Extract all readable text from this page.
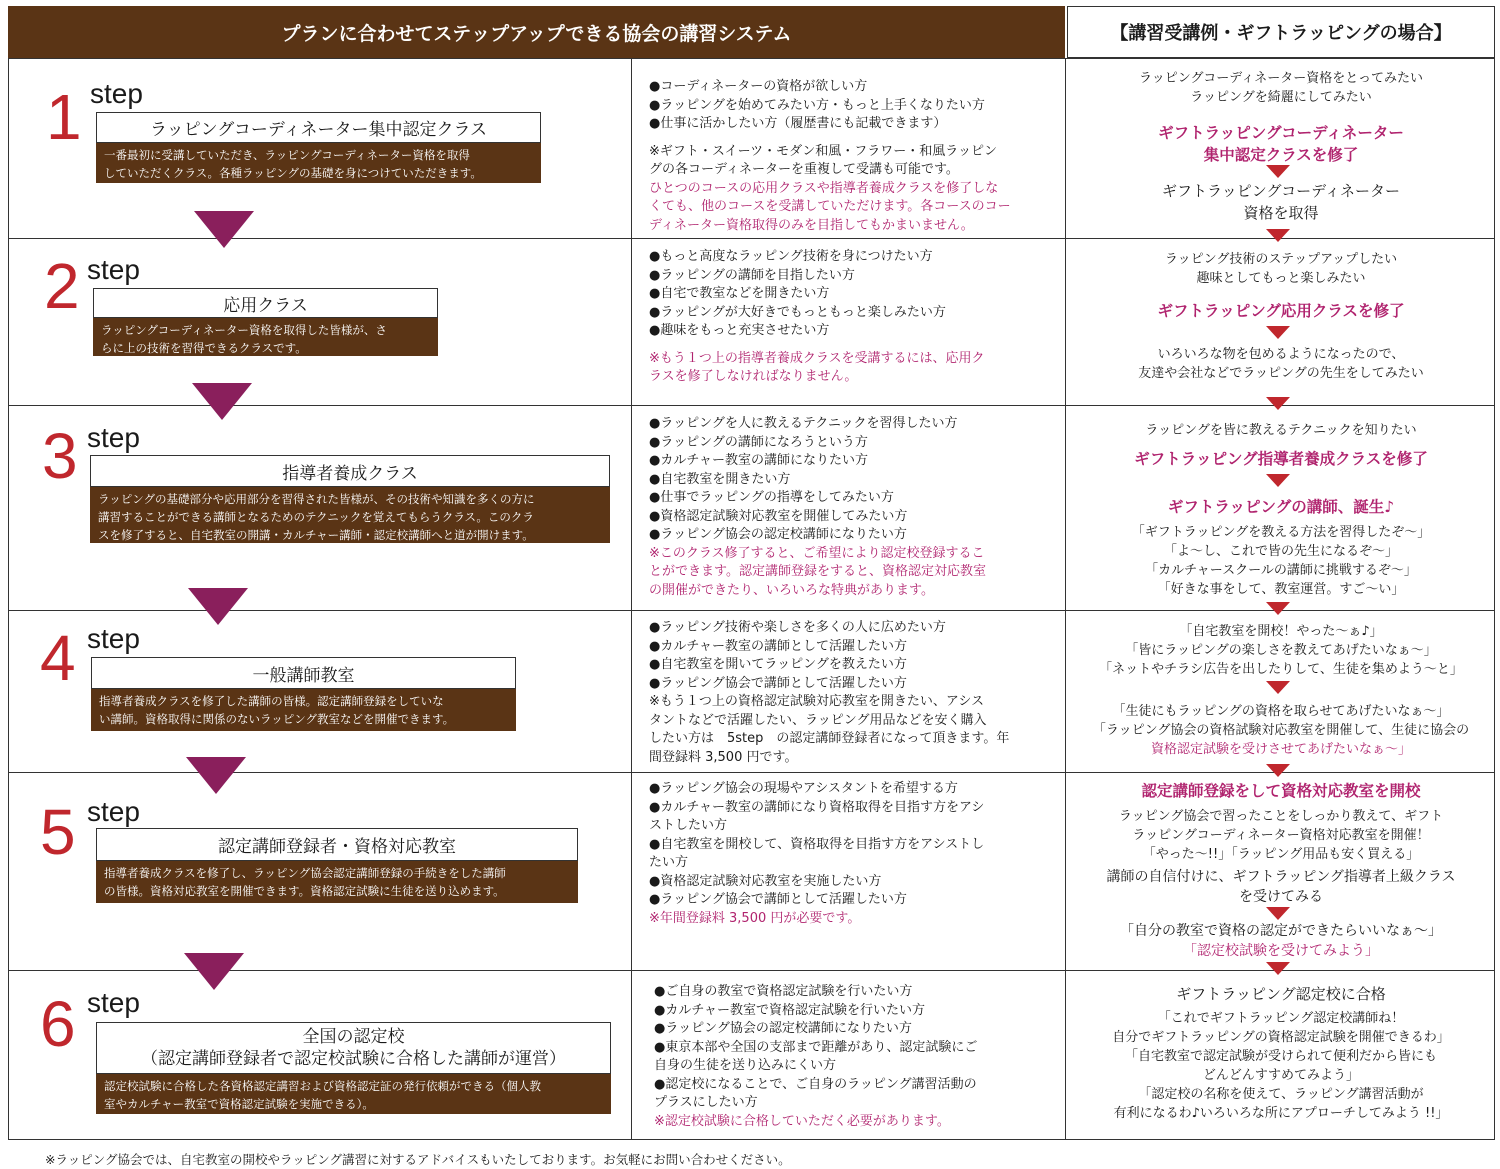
プランに合わせてステップアップできる協会の講習システム	【講習受講例・ギフトラッピングの場合】
1 step
ラッピングコーディネーター集中認定クラス
一番最初に受講していただき、ラッピングコーディネーター資格を取得
していただくクラス。各種ラッピングの基礎を身につけていただきます。
●コーディネーターの資格が欲しい方
●ラッピングを始めてみたい方・もっと上手くなりたい方
●仕事に活かしたい方（履歴書にも記載できます）
※ギフト・スイーツ・モダン和風・フラワー・和風ラッピン
グの各コーディネーターを重複して受講も可能です。
ひとつのコースの応用クラスや指導者養成クラスを修了しな
くても、他のコースを受講していただけます。各コースのコー
ディネーター資格取得のみを目指してもかまいません。
ラッピングコーディネーター資格をとってみたい
ラッピングを綺麗にしてみたい
ギフトラッピングコーディネーター
集中認定クラスを修了
ギフトラッピングコーディネーター
資格を取得
2 step
応用クラス
ラッピングコーディネーター資格を取得した皆様が、さ
らに上の技術を習得できるクラスです。
●もっと高度なラッピング技術を身につけたい方
●ラッピングの講師を目指したい方
●自宅で教室などを開きたい方
●ラッピングが大好きでもっともっと楽しみたい方
●趣味をもっと充実させたい方
※もう１つ上の指導者養成クラスを受講するには、応用ク
ラスを修了しなければなりません。
ラッピング技術のステップアップしたい
趣味としてもっと楽しみたい
ギフトラッピング応用クラスを修了
いろいろな物を包めるようになったので、
友達や会社などでラッピングの先生をしてみたい
3 step
指導者養成クラス
ラッピングの基礎部分や応用部分を習得された皆様が、その技術や知識を多くの方に
講習することができる講師となるためのテクニックを覚えてもらうクラス。このクラ
スを修了すると、自宅教室の開講・カルチャー講師・認定校講師へと道が開けます。
●ラッピングを人に教えるテクニックを習得したい方
●ラッピングの講師になろうという方
●カルチャー教室の講師になりたい方
●自宅教室を開きたい方
●仕事でラッピングの指導をしてみたい方
●資格認定試験対応教室を開催してみたい方
●ラッピング協会の認定校講師になりたい方
※このクラス修了すると、ご希望により認定校登録するこ
とができます。認定講師登録をすると、資格認定対応教室
の開催ができたり、いろいろな特典があります。
ラッピングを皆に教えるテクニックを知りたい
ギフトラッピング指導者養成クラスを修了
ギフトラッピングの講師、誕生♪
「ギフトラッピングを教える方法を習得したぞ～」
「よ～し、これで皆の先生になるぞ～」
「カルチャースクールの講師に挑戦するぞ～」
「好きな事をして、教室運営。すご～い」
4 step
一般講師教室
指導者養成クラスを修了した講師の皆様。認定講師登録をしていな
い講師。資格取得に関係のないラッピング教室などを開催できます。
●ラッピング技術や楽しさを多くの人に広めたい方
●カルチャー教室の講師として活躍したい方
●自宅教室を開いてラッピングを教えたい方
●ラッピング協会で講師として活躍したい方
※もう１つ上の資格認定試験対応教室を開きたい、アシス
タントなどで活躍したい、ラッピング用品などを安く購入
したい方は　5step　の認定講師登録者になって頂きます。年
間登録料 3,500 円です。
「自宅教室を開校！やった～ぁ♪」
「皆にラッピングの楽しさを教えてあげたいなぁ～」
「ネットやチラシ広告を出したりして、生徒を集めよう～と」
「生徒にもラッピングの資格を取らせてあげたいなぁ～」
「ラッピング協会の資格試験対応教室を開催して、生徒に協会の
資格認定試験を受けさせてあげたいなぁ～」
5 step
認定講師登録者・資格対応教室
指導者養成クラスを修了し、ラッピング協会認定講師登録の手続きをした講師
の皆様。資格対応教室を開催できます。資格認定試験に生徒を送り込めます。
●ラッピング協会の現場やアシスタントを希望する方
●カルチャー教室の講師になり資格取得を目指す方をアシ
ストしたい方
●自宅教室を開校して、資格取得を目指す方をアシストし
たい方
●資格認定試験対応教室を実施したい方
●ラッピング協会で講師として活躍したい方
※年間登録料 3,500 円が必要です。
認定講師登録をして資格対応教室を開校
ラッピング協会で習ったことをしっかり教えて、ギフト
ラッピングコーディネーター資格対応教室を開催！
「やった～!!」「ラッピング用品も安く買える」
講師の自信付けに、ギフトラッピング指導者上級クラス
を受けてみる
「自分の教室で資格の認定ができたらいいなぁ～」
「認定校試験を受けてみよう」
6 step
全国の認定校
（認定講師登録者で認定校試験に合格した講師が運営）
認定校試験に合格した各資格認定講習および資格認定証の発行依頼ができる（個人教
室やカルチャー教室で資格認定試験を実施できる）。
●ご自身の教室で資格認定試験を行いたい方
●カルチャー教室で資格認定試験を行いたい方
●ラッピング協会の認定校講師になりたい方
●東京本部や全国の支部まで距離があり、認定試験にご
自身の生徒を送り込みにくい方
●認定校になることで、ご自身のラッピング講習活動の
プラスにしたい方
※認定校試験に合格していただく必要があります。
ギフトラッピング認定校に合格
「これでギフトラッピング認定校講師ね！
自分でギフトラッピングの資格認定試験を開催できるわ」
「自宅教室で認定試験が受けられて便利だから皆にも
どんどんすすめてみよう」
「認定校の名称を使えて、ラッピング講習活動が
有利になるわ♪いろいろな所にアプローチしてみよう !!」
※ラッピング協会では、自宅教室の開校やラッピング講習に対するアドバイスもいたしております。お気軽にお問い合わせください。
